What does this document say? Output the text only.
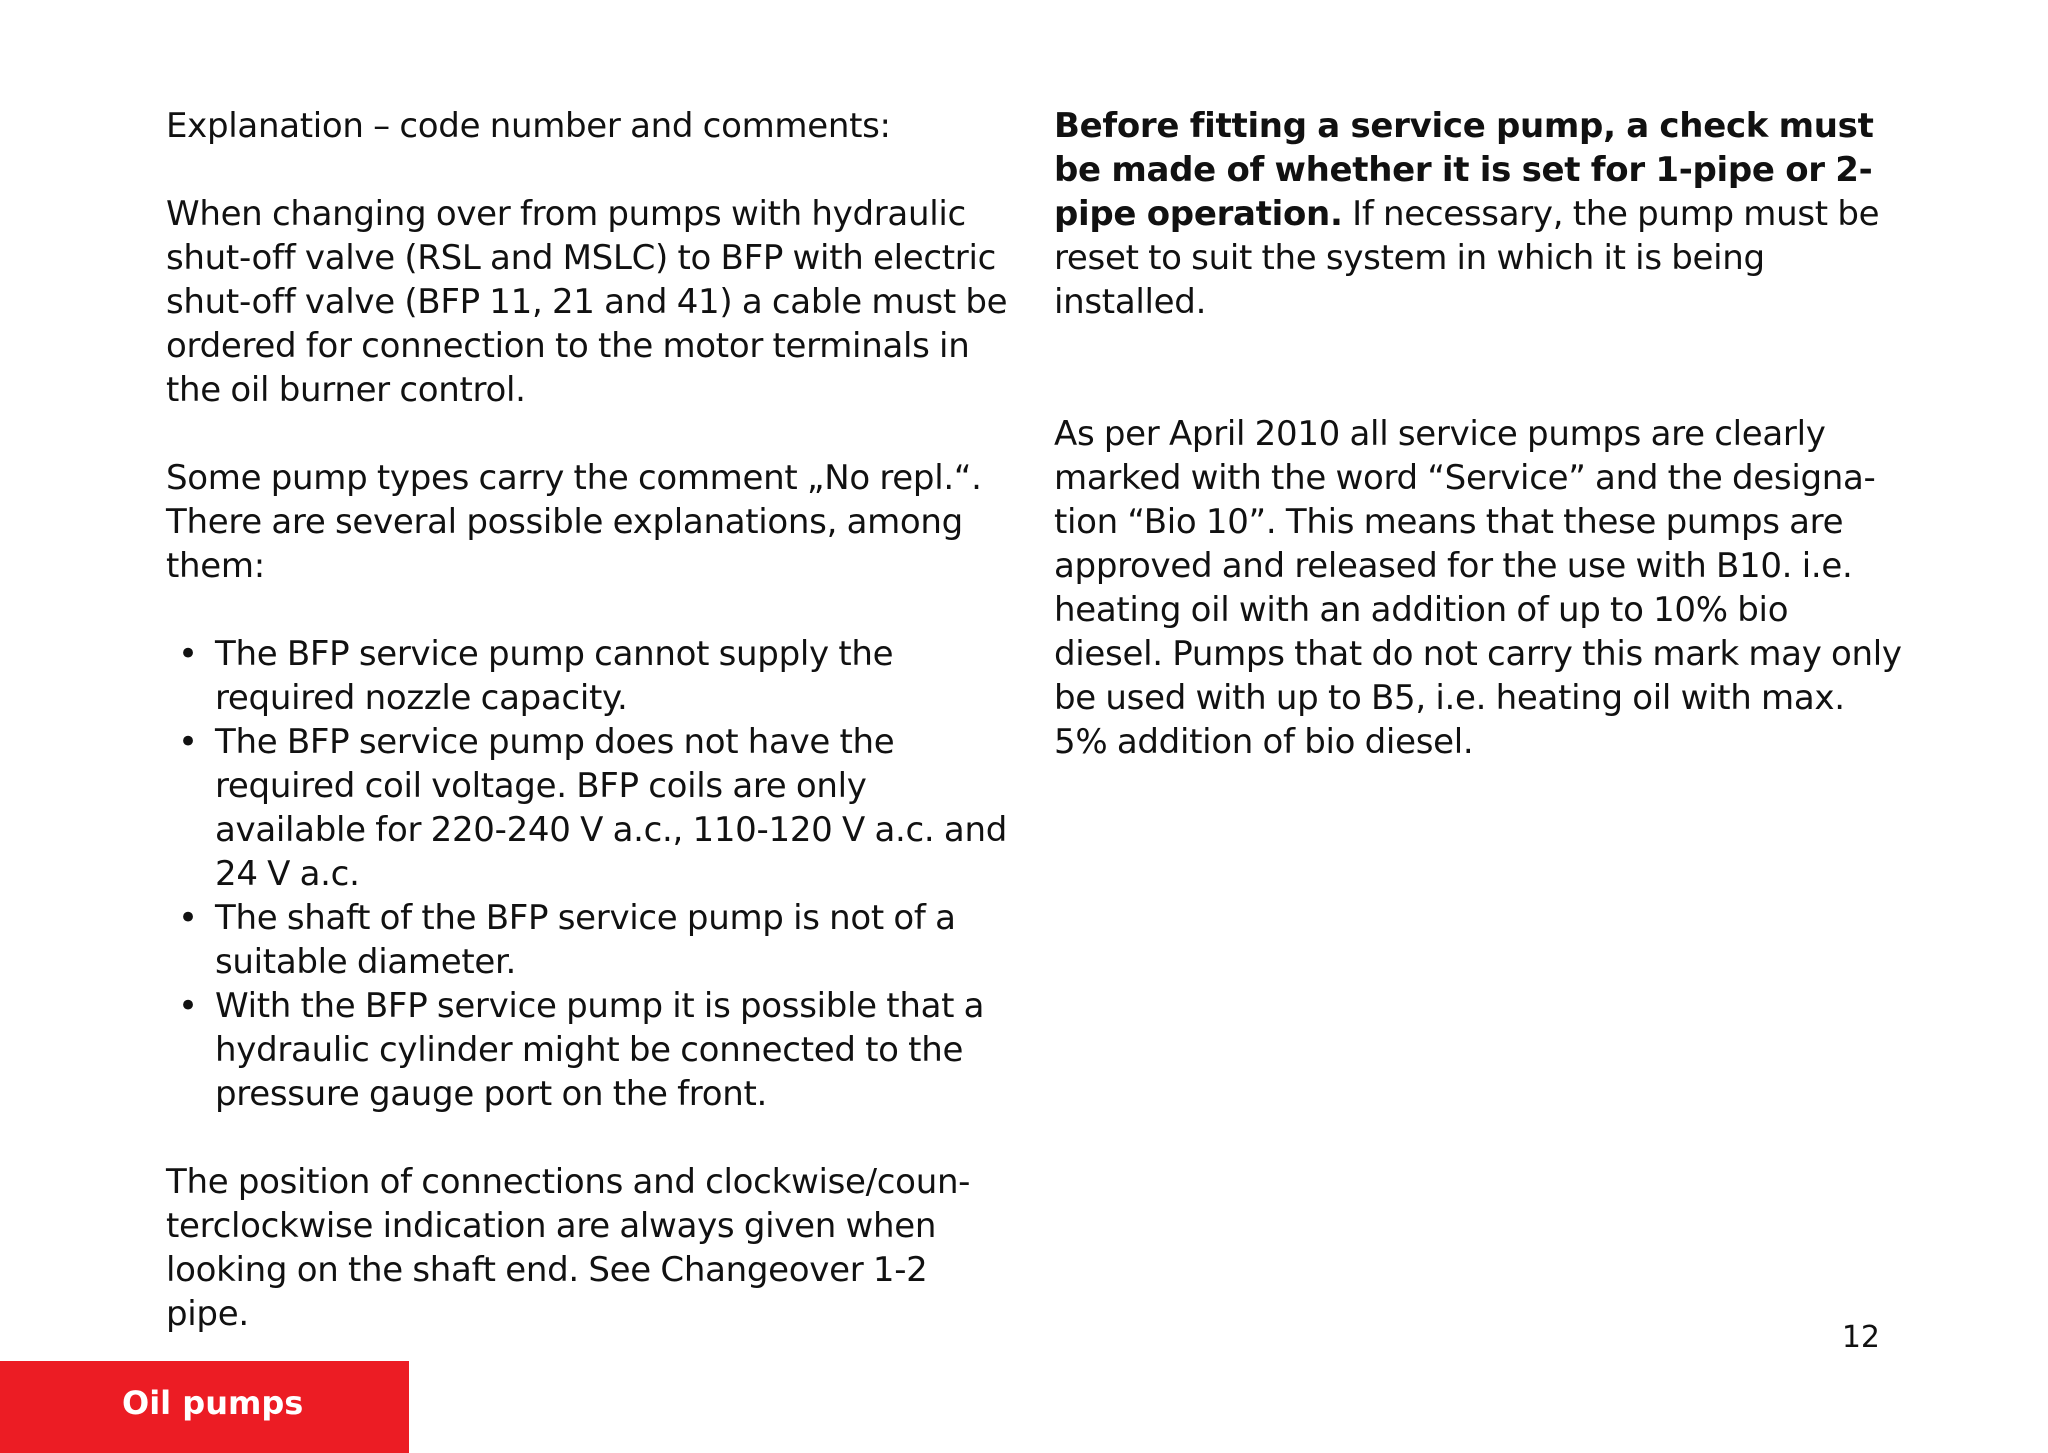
Explanation – code number and comments:

When changing over from pumps with hydraulic shut-off valve (RSL and MSLC) to BFP with electric shut-off valve (BFP 11, 21 and 41) a cable must be ordered for connection to the motor terminals in the oil burner control.

Some pump types carry the comment „No repl.“. There are several possible explanations, among them:

• The BFP service pump cannot supply the required nozzle capacity.
• The BFP service pump does not have the required coil voltage. BFP coils are only available for 220-240 V a.c., 110-120 V a.c. and 24 V a.c.
• The shaft of the BFP service pump is not of a suitable diameter.
• With the BFP service pump it is possible that a hydraulic cylinder might be connected to the pressure gauge port on the front.

The position of connections and clockwise/coun-terclockwise indication are always given when looking on the shaft end. See Changeover 1-2 pipe.

Before fitting a service pump, a check must be made of whether it is set for 1-pipe or 2-pipe operation. If necessary, the pump must be reset to suit the system in which it is being installed.

As per April 2010 all service pumps are clearly marked with the word “Service” and the designa-tion “Bio 10”. This means that these pumps are approved and released for the use with B10. i.e. heating oil with an addition of up to 10% bio diesel. Pumps that do not carry this mark may only be used with up to B5, i.e. heating oil with max. 5% addition of bio diesel.

12
Oil pumps
